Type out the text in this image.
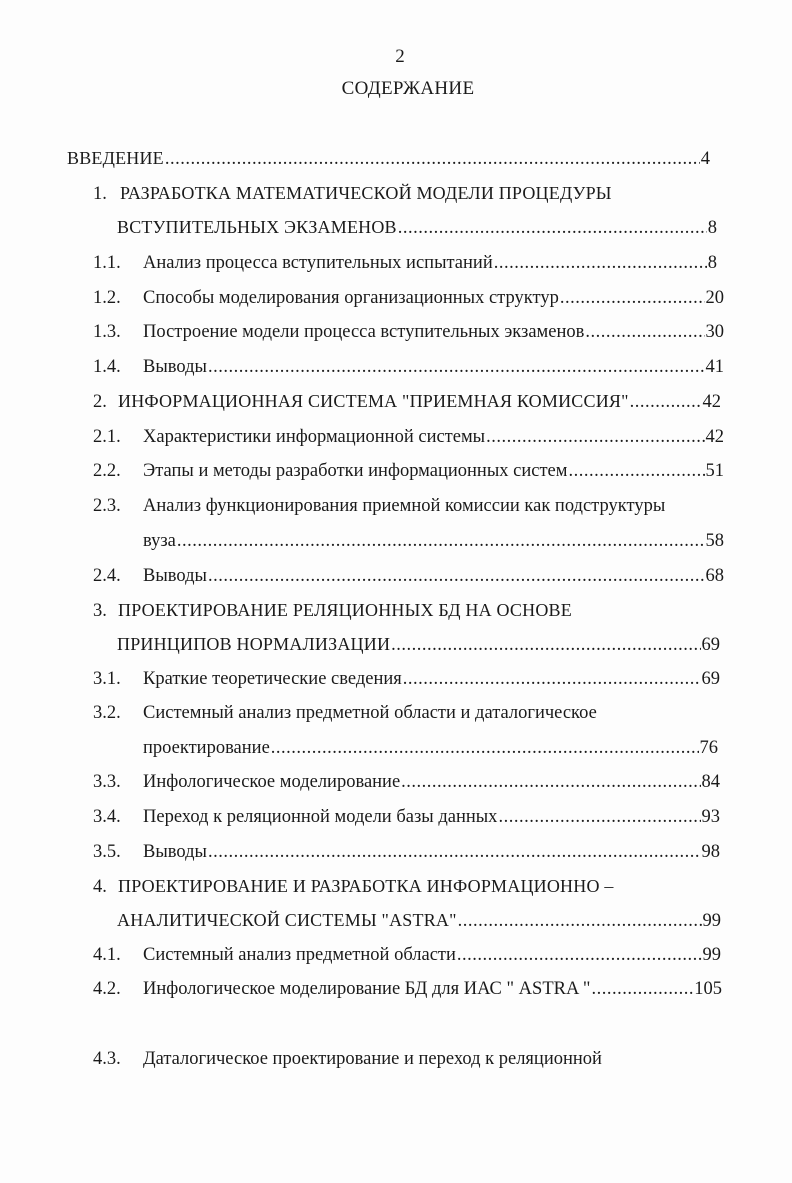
2
СОДЕРЖАНИЕ
ВВЕДЕНИЕ .....	4
1. РАЗРАБОТКА МАТЕМАТИЧЕСКОЙ МОДЕЛИ ПРОЦЕДУРЫ
ВСТУПИТЕЛЬНЫХ ЭКЗАМЕНОВ .....	8
1.1.	Анализ процесса вступительных испытаний .....	8
1.2.	Способы моделирования организационных структур .....	20
1.3.	Построение модели процесса вступительных экзаменов .....	30
1.4.	Выводы .....	41
2. ИНФОРМАЦИОННАЯ СИСТЕМА "ПРИЕМНАЯ КОМИССИЯ" .....	42
2.1.	Характеристики информационной системы .....	42
2.2.	Этапы и методы разработки информационных систем .....	51
2.3.	Анализ функционирования приемной комиссии как подструктуры
вуза .....	58
2.4.	Выводы .....	68
3. ПРОЕКТИРОВАНИЕ РЕЛЯЦИОННЫХ БД НА ОСНОВЕ
ПРИНЦИПОВ НОРМАЛИЗАЦИИ .....	69
3.1.	Краткие теоретические сведения .....	69
3.2.	Системный анализ предметной области и даталогическое
проектирование .....	76
3.3.	Инфологическое моделирование .....	84
3.4.	Переход к реляционной модели базы данных .....	93
3.5.	Выводы .....	98
4. ПРОЕКТИРОВАНИЕ И РАЗРАБОТКА ИНФОРМАЦИОННО –
АНАЛИТИЧЕСКОЙ СИСТЕМЫ "ASTRA" .....	99
4.1.	Системный анализ предметной области .....	99
4.2.	Инфологическое моделирование БД для ИАС " ASTRA " .....	105
4.3.	Даталогическое проектирование и переход к реляционной
